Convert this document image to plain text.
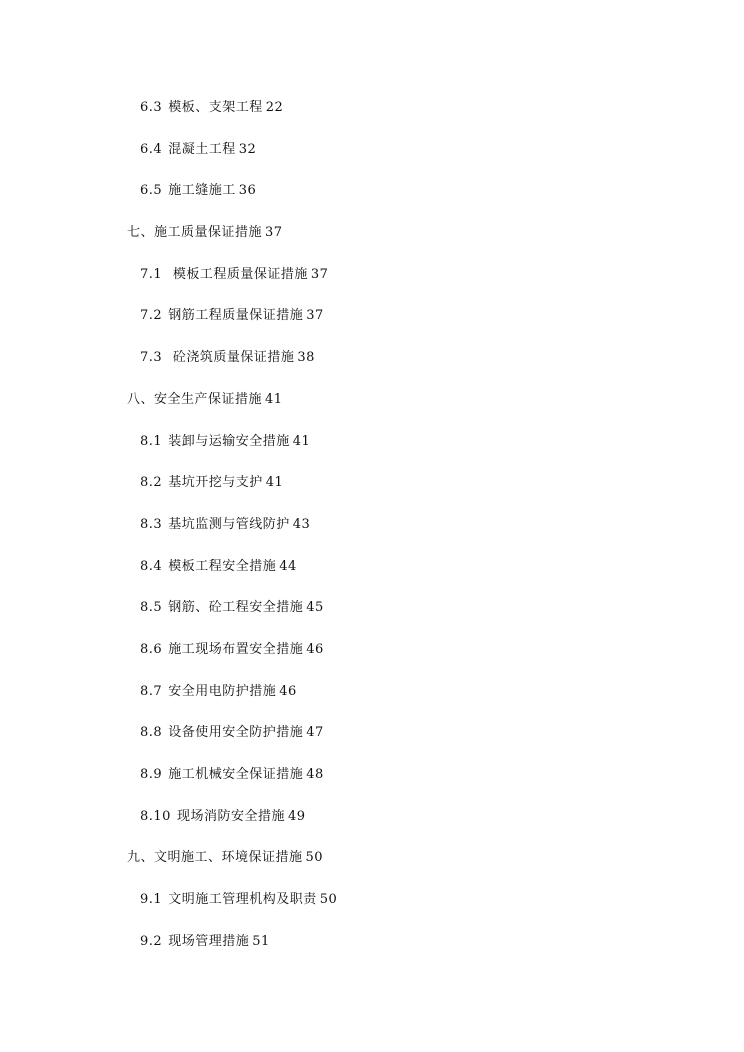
6.3 模板、支架工程 22
6.4 混凝土工程 32
6.5 施工缝施工 36
七、施工质量保证措施 37
7.1 模板工程质量保证措施 37
7.2 钢筋工程质量保证措施 37
7.3 砼浇筑质量保证措施 38
八、安全生产保证措施 41
8.1 装卸与运输安全措施 41
8.2 基坑开挖与支护 41
8.3 基坑监测与管线防护 43
8.4 模板工程安全措施 44
8.5 钢筋、砼工程安全措施 45
8.6 施工现场布置安全措施 46
8.7 安全用电防护措施 46
8.8 设备使用安全防护措施 47
8.9 施工机械安全保证措施 48
8.10 现场消防安全措施 49
九、文明施工、环境保证措施 50
9.1 文明施工管理机构及职责 50
9.2 现场管理措施 51
